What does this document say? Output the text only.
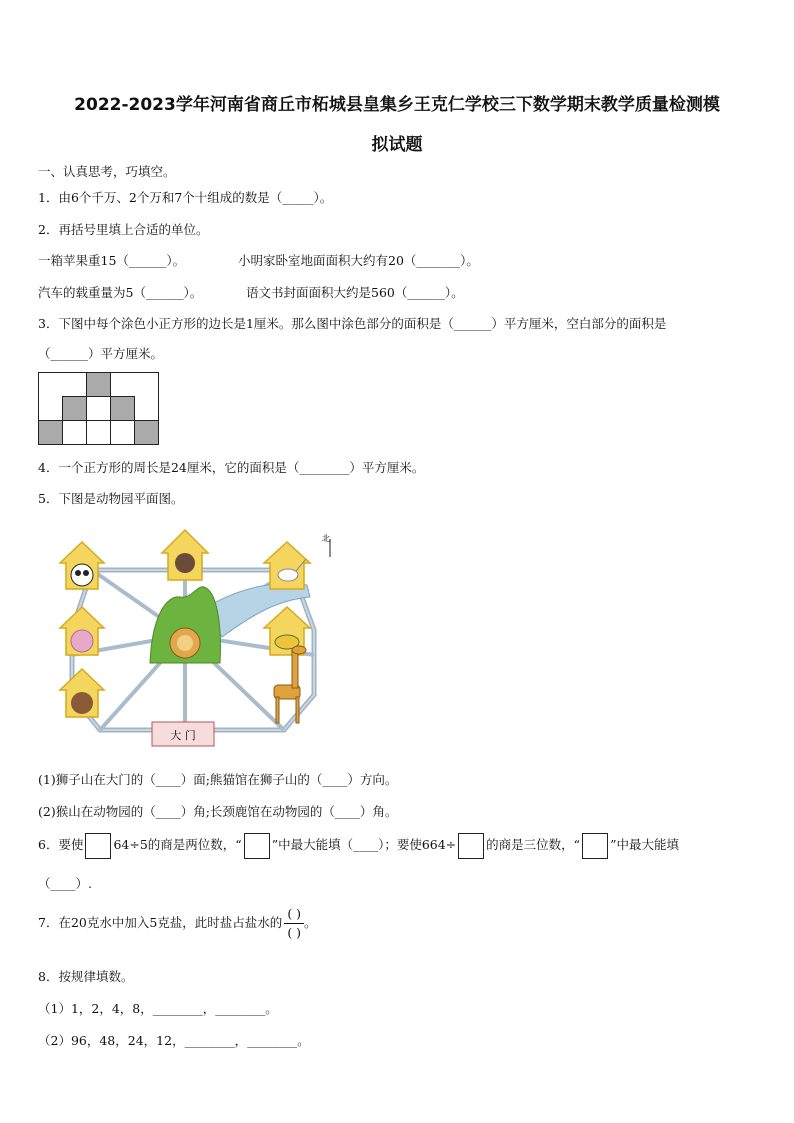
2022-2023学年河南省商丘市柘城县皇集乡王克仁学校三下数学期末教学质量检测模
拟试题
一、认真思考，巧填空。
1．由6个千万、2个万和7个十组成的数是（_____）。
2．再括号里填上合适的单位。
一箱苹果重15（______）。	小明家卧室地面面积大约有20（_______）。
汽车的载重量为5（______）。	语文书封面面积大约是560（______）。
3．下图中每个涂色小正方形的边长是1厘米。那么图中涂色部分的面积是（______）平方厘米，空白部分的面积是
（______）平方厘米。
4．一个正方形的周长是24厘米，它的面积是（________）平方厘米。
5．下图是动物园平面图。
大 门
北
(1)狮子山在大门的（____）面;熊猫馆在狮子山的（____）方向。
(2)猴山在动物园的（____）角;长颈鹿馆在动物园的（____）角。
6．要使 64÷5的商是两位数，“ ”中最大能填（____）；要使664÷ 的商是三位数，“ ”中最大能填
（____）.
7．在20克水中加入5克盐，此时盐占盐水的 $\frac{( )}{( )}$ 。
8．按规律填数。
（1）1，2，4，8，________，________。
（2）96，48，24，12，________，________。
